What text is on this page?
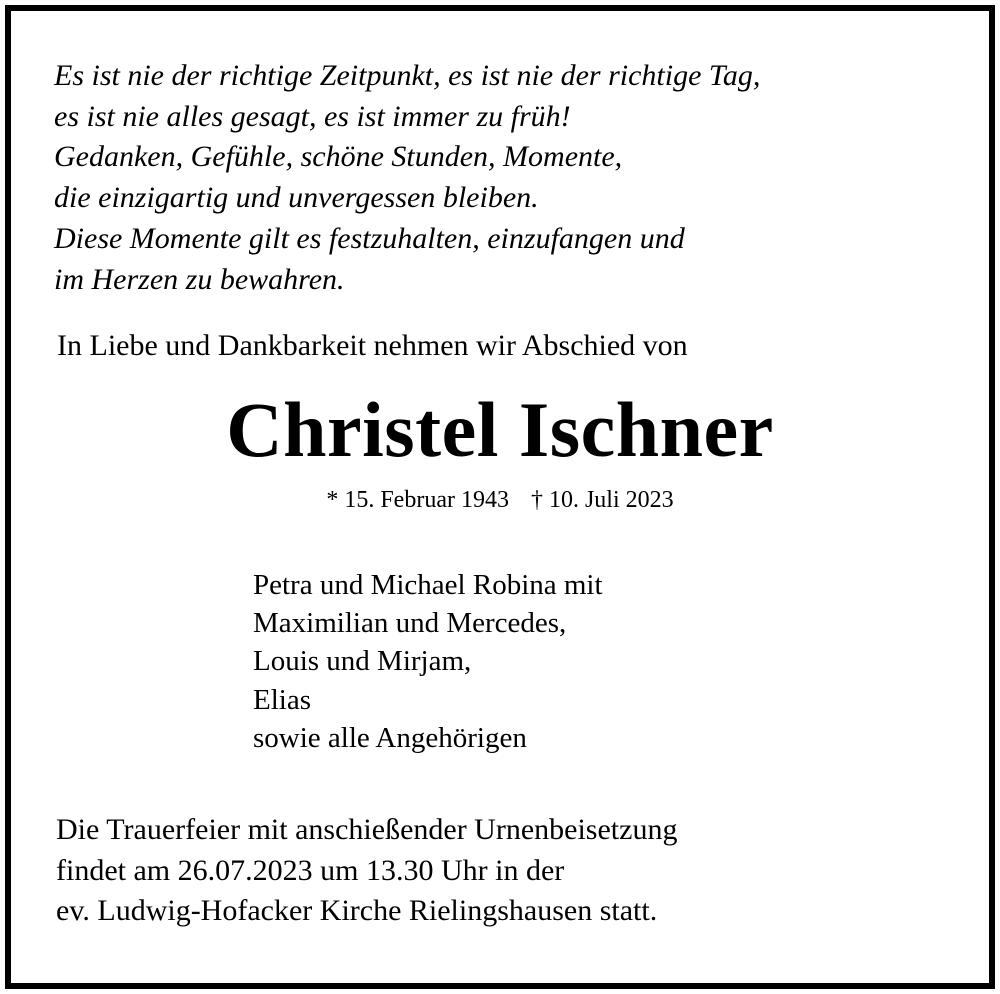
Es ist nie der richtige Zeitpunkt, es ist nie der richtige Tag,
es ist nie alles gesagt, es ist immer zu früh!
Gedanken, Gefühle, schöne Stunden, Momente,
die einzigartig und unvergessen bleiben.
Diese Momente gilt es festzuhalten, einzufangen und
im Herzen zu bewahren.
In Liebe und Dankbarkeit nehmen wir Abschied von
Christel Ischner
* 15. Februar 1943 † 10. Juli 2023
Petra und Michael Robina mit
Maximilian und Mercedes,
Louis und Mirjam,
Elias
sowie alle Angehörigen
Die Trauerfeier mit anschießender Urnenbeisetzung
findet am 26.07.2023 um 13.30 Uhr in der
ev. Ludwig-Hofacker Kirche Rielingshausen statt.
